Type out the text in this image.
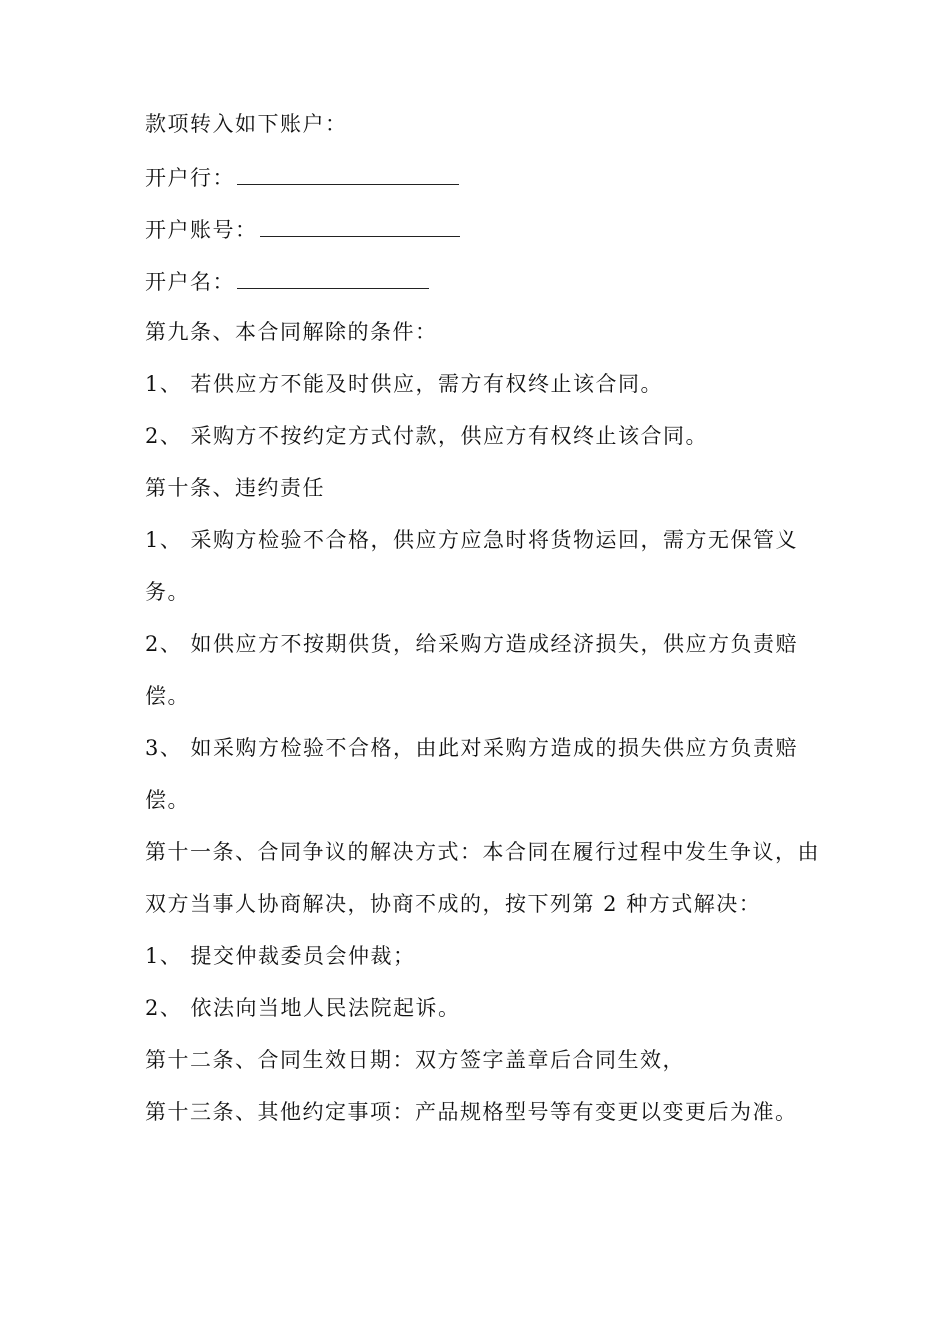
款项转入如下账户：
开户行：
开户账号：
开户名：
第九条、本合同解除的条件：
1、 若供应方不能及时供应，需方有权终止该合同。
2、 采购方不按约定方式付款，供应方有权终止该合同。
第十条、违约责任
1、 采购方检验不合格，供应方应急时将货物运回，需方无保管义
务。
2、 如供应方不按期供货，给采购方造成经济损失，供应方负责赔
偿。
3、 如采购方检验不合格，由此对采购方造成的损失供应方负责赔
偿。
第十一条、合同争议的解决方式：本合同在履行过程中发生争议，由
双方当事人协商解决，协商不成的，按下列第 2 种方式解决：
1、 提交仲裁委员会仲裁；
2、 依法向当地人民法院起诉。
第十二条、合同生效日期：双方签字盖章后合同生效，
第十三条、其他约定事项：产品规格型号等有变更以变更后为准。
